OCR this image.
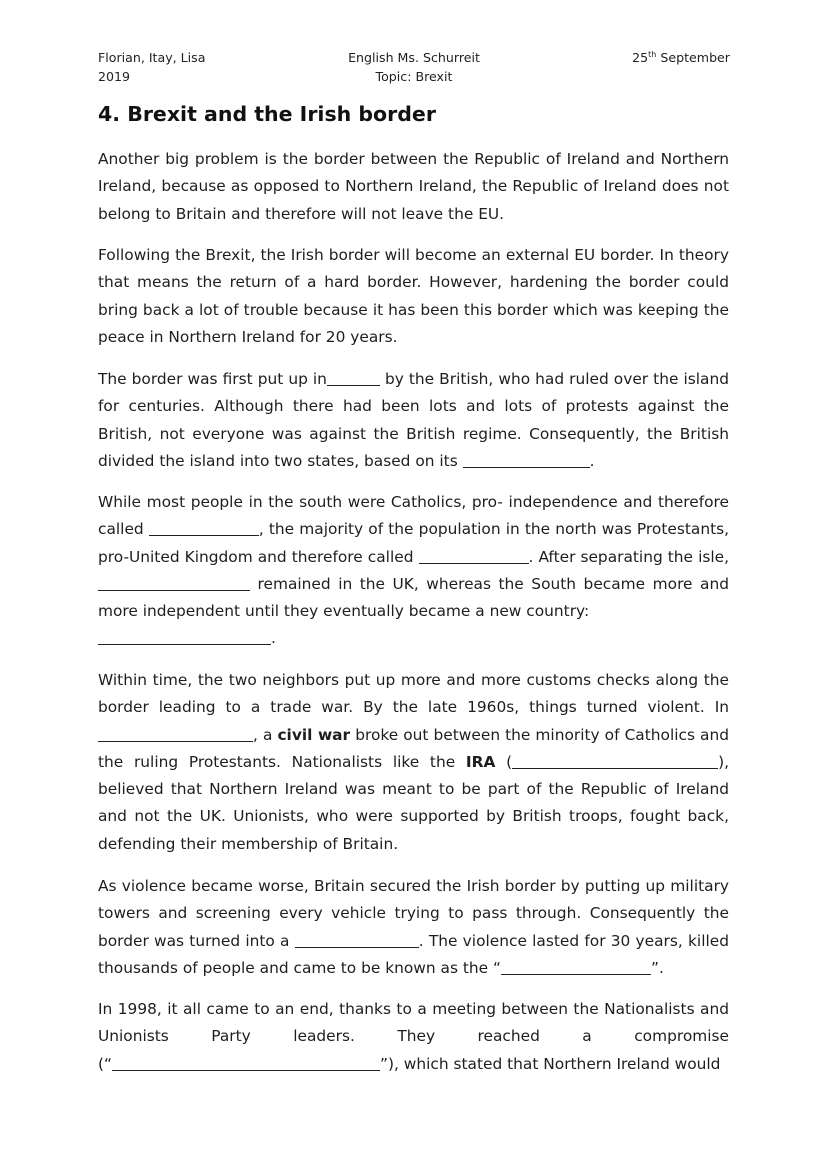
Florian, Itay, Lisa
2019
English Ms. Schurreit
Topic: Brexit
25th September
4. Brexit and the Irish border

Another big problem is the border between the Republic of Ireland and Northern Ireland, because as opposed to Northern Ireland, the Republic of Ireland does not belong to Britain and therefore will not leave the EU.

Following the Brexit, the Irish border will become an external EU border. In theory that means the return of a hard border. However, hardening the border could bring back a lot of trouble because it has been this border which was keeping the peace in Northern Ireland for 20 years.

The border was first put up in	by the British, who had ruled over the island for centuries. Although there had been lots and lots of protests against the British, not everyone was against the British regime. Consequently, the British divided the island into two states, based on its	.

While most people in the south were Catholics, pro- independence and therefore called	, the majority of the population in the north was Protestants, pro-United Kingdom and therefore called	. After separating the isle,  remained in the UK, whereas the South became more and more independent until they eventually became a new country:
.

Within time, the two neighbors put up more and more customs checks along the border leading to a trade war. By the late 1960s, things turned violent. In , a civil war broke out between the minority of Catholics and the ruling Protestants. Nationalists like the IRA (	), believed that Northern Ireland was meant to be part of the Republic of Ireland and not the UK. Unionists, who were supported by British troops, fought back, defending their membership of Britain.

As violence became worse, Britain secured the Irish border by putting up military towers and screening every vehicle trying to pass through. Consequently the border was turned into a	. The violence lasted for 30 years, killed thousands of people and came to be known as the “	”.

In 1998, it all came to an end, thanks to a meeting between the Nationalists and Unionists Party leaders. They reached a compromise

(“	”), which stated that Northern Ireland would
